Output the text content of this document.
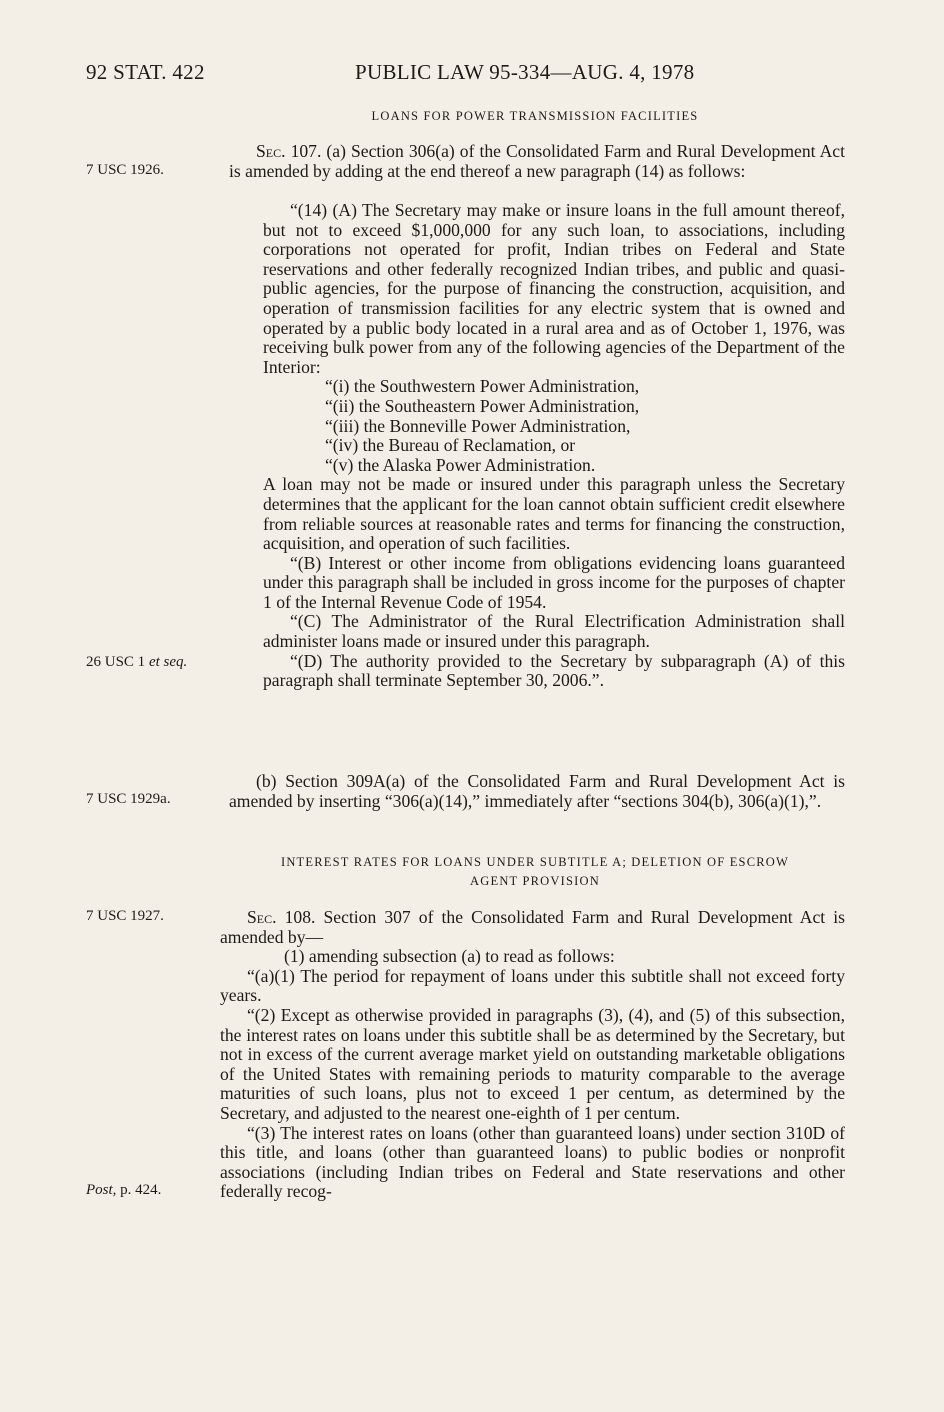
92 STAT. 422	PUBLIC LAW 95-334—AUG. 4, 1978
LOANS FOR POWER TRANSMISSION FACILITIES
7 USC 1926.

Sec. 107. (a) Section 306(a) of the Consolidated Farm and Rural Development Act is amended by adding at the end thereof a new paragraph (14) as follows:

“(14) (A) The Secretary may make or insure loans in the full amount thereof, but not to exceed $1,000,000 for any such loan, to associations, including corporations not operated for profit, Indian tribes on Federal and State reservations and other federally recognized Indian tribes, and public and quasi-public agencies, for the purpose of financing the construction, acquisition, and operation of transmission facilities for any electric system that is owned and operated by a public body located in a rural area and as of October 1, 1976, was receiving bulk power from any of the following agencies of the Department of the Interior:

“(i) the Southwestern Power Administration,
“(ii) the Southeastern Power Administration,
“(iii) the Bonneville Power Administration,
“(iv) the Bureau of Reclamation, or
“(v) the Alaska Power Administration.

A loan may not be made or insured under this paragraph unless the Secretary determines that the applicant for the loan cannot obtain sufficient credit elsewhere from reliable sources at reasonable rates and terms for financing the construction, acquisition, and operation of such facilities.

“(B) Interest or other income from obligations evidencing loans guaranteed under this paragraph shall be included in gross income for the purposes of chapter 1 of the Internal Revenue Code of 1954.

“(C) The Administrator of the Rural Electrification Administration shall administer loans made or insured under this paragraph.

“(D) The authority provided to the Secretary by subparagraph (A) of this paragraph shall terminate September 30, 2006.”.

26 USC 1 et seq.

(b) Section 309A(a) of the Consolidated Farm and Rural Development Act is amended by inserting “306(a)(14),” immediately after “sections 304(b), 306(a)(1),”.

7 USC 1929a.
INTEREST RATES FOR LOANS UNDER SUBTITLE A; DELETION OF ESCROW
AGENT PROVISION
7 USC 1927.	Sec. 108. Section 307 of the Consolidated Farm and Rural Development Act is amended by—

(1) amending subsection (a) to read as follows:

“(a)(1) The period for repayment of loans under this subtitle shall not exceed forty years.

“(2) Except as otherwise provided in paragraphs (3), (4), and (5) of this subsection, the interest rates on loans under this subtitle shall be as determined by the Secretary, but not in excess of the current average market yield on outstanding marketable obligations of the United States with remaining periods to maturity comparable to the average maturities of such loans, plus not to exceed 1 per centum, as determined by the Secretary, and adjusted to the nearest one-eighth of 1 per centum.

“(3) The interest rates on loans (other than guaranteed loans) under section 310D of this title, and loans (other than guaranteed loans) to public bodies or nonprofit associations (including Indian tribes on Federal and State reservations and other federally recog-

Post, p. 424.
